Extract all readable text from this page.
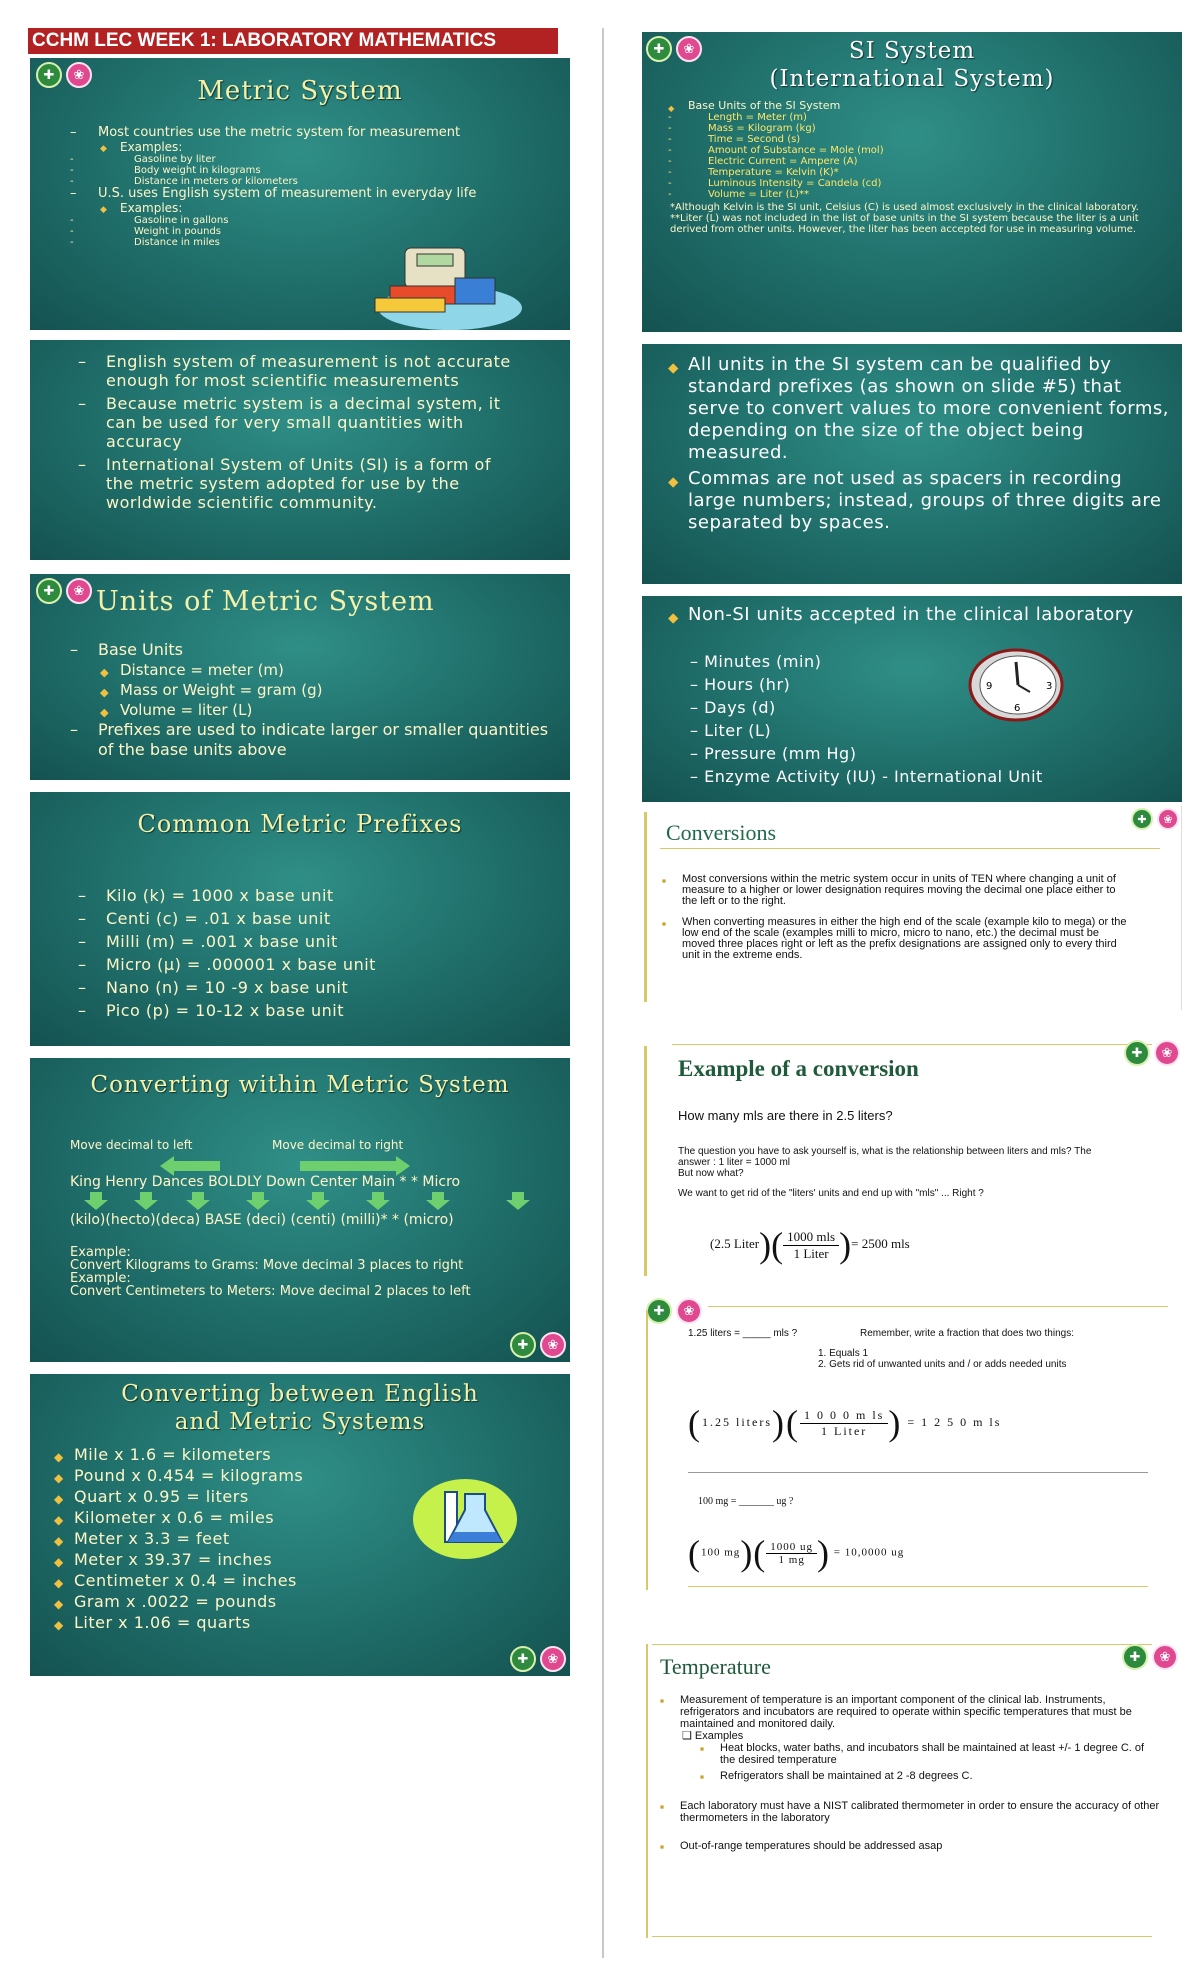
CCHM LEC WEEK 1: LABORATORY MATHEMATICS
✚	❀
Metric System
– Most countries use the metric system for measurement
◆ Examples:
- Gasoline by liter
- Body weight in kilograms
- Distance in meters or kilometers
– U.S. uses English system of measurement in everyday life
◆ Examples:
- Gasoline in gallons
- Weight in pounds
- Distance in miles
– English system of measurement is not accurate enough for most scientific measurements
– Because metric system is a decimal system, it can be used for very small quantities with accuracy
– International System of Units (SI) is a form of the metric system adopted for use by the worldwide scientific community.
✚	❀ Units of Metric System
– Base Units
◆ Distance = meter (m)
◆ Mass or Weight = gram (g)
◆ Volume = liter (L)
– Prefixes are used to indicate larger or smaller quantities of the base units above
Common Metric Prefixes
– Kilo (k) = 1000 x base unit
– Centi (c) = .01 x base unit
– Milli (m) = .001 x base unit
– Micro (µ) = .000001 x base unit
– Nano (n) = 10 -9 x base unit
– Pico (p) = 10-12 x base unit
Converting within Metric System
Move decimal to left	Move decimal to right
King Henry Dances BOLDLY Down Center Main * * Micro
(kilo)(hecto)(deca) BASE (deci) (centi) (milli)* * (micro)
Example:
Convert Kilograms to Grams: Move decimal 3 places to right
Example:
Convert Centimeters to Meters: Move decimal 2 places to left
✚	❀
Converting between English and Metric Systems
◆ Mile x 1.6 = kilometers
◆ Pound x 0.454 = kilograms
◆ Quart x 0.95 = liters
◆ Kilometer x 0.6 = miles
◆ Meter x 3.3 = feet
◆ Meter x 39.37 = inches
◆ Centimeter x 0.4 = inches
◆ Gram x .0022 = pounds
◆ Liter x 1.06 = quarts
✚	❀
✚	❀	SI System
(International System)
◆ Base Units of the SI System
- Length = Meter (m)
- Mass = Kilogram (kg)
- Time = Second (s)
- Amount of Substance = Mole (mol)
- Electric Current = Ampere (A)
- Temperature = Kelvin (K)*
- Luminous Intensity = Candela (cd)
- Volume = Liter (L)**
*Although Kelvin is the SI unit, Celsius (C) is used almost exclusively in the clinical laboratory.
**Liter (L) was not included in the list of base units in the SI system because the liter is a unit derived from other units. However, the liter has been accepted for use in measuring volume.
◆ All units in the SI system can be qualified by standard prefixes (as shown on slide #5) that serve to convert values to more convenient forms, depending on the size of the object being measured.
◆ Commas are not used as spacers in recording large numbers; instead, groups of three digits are separated by spaces.
◆ Non-SI units accepted in the clinical laboratory
– Minutes (min)
– Hours (hr)
– Days (d)
– Liter (L)
– Pressure (mm Hg)
– Enzyme Activity (IU) - International Unit
9	3
6
Conversions
✚	❀
■ Most conversions within the metric system occur in units of TEN where changing a unit of measure to a higher or lower designation requires moving the decimal one place either to the left or to the right.
■ When converting measures in either the high end of the scale (example kilo to mega) or the low end of the scale (examples milli to micro, micro to nano, etc.) the decimal must be moved three places right or left as the prefix designations are assigned only to every third unit in the extreme ends.
✚	❀
Example of a conversion
How many mls are there in 2.5 liters?
The question you have to ask yourself is, what is the relationship between liters and mls? The answer : 1 liter = 1000 ml
But now what?
We want to get rid of the "liters' units and end up with "mls" ... Right ?
(2.5 Liter)( $\frac{\text{1000 mls}}{\text{1 Liter}}$ )= 2500 mls
✚	❀
1.25 liters = _____ mls ?	Remember, write a fraction that does two things:
1. Equals 1
2. Gets rid of unwanted units and / or adds needed units
(1.25 liters)( $\frac{\text{1 0 0 0 m ls}}{\text{1 Liter}}$ ) = 1 2 5 0 m ls
100 mg = _______ ug ?
(100 $mg)( \frac{1000 ug}{1 mg}$ ) = 10,0000 ug
✚	❀
Temperature
■ Measurement of temperature is an important component of the clinical lab. Instruments, refrigerators and incubators are required to operate within specific temperatures that must be maintained and monitored daily.
❑ Examples
■ Heat blocks, water baths, and incubators shall be maintained at least +/- 1 degree C. of the desired temperature
■ Refrigerators shall be maintained at 2 -8 degrees C.
■ Each laboratory must have a NIST calibrated thermometer in order to ensure the accuracy of other thermometers in the laboratory
■ Out-of-range temperatures should be addressed asap
